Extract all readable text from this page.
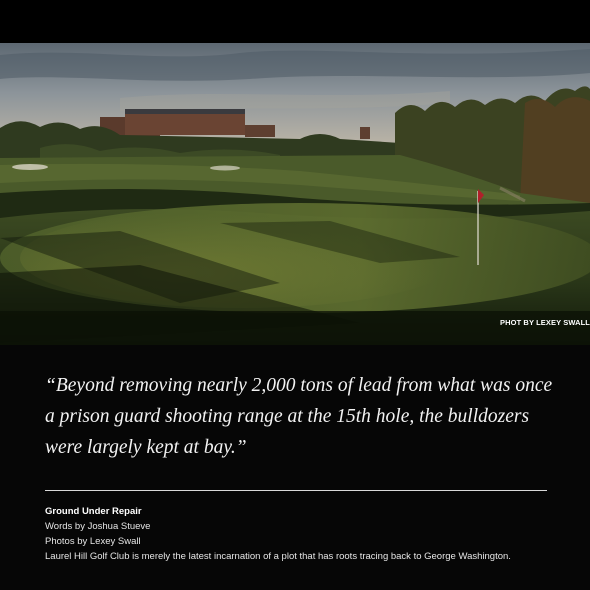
PHOT BY LEXEY SWALL

“Beyond removing nearly 2,000 tons of lead from what was once a prison guard shooting range at the 15th hole, the bulldozers were largely kept at bay.”

Ground Under Repair
Words by Joshua Stueve
Photos by Lexey Swall
Laurel Hill Golf Club is merely the latest incarnation of a plot that has roots tracing back to George Washington.
